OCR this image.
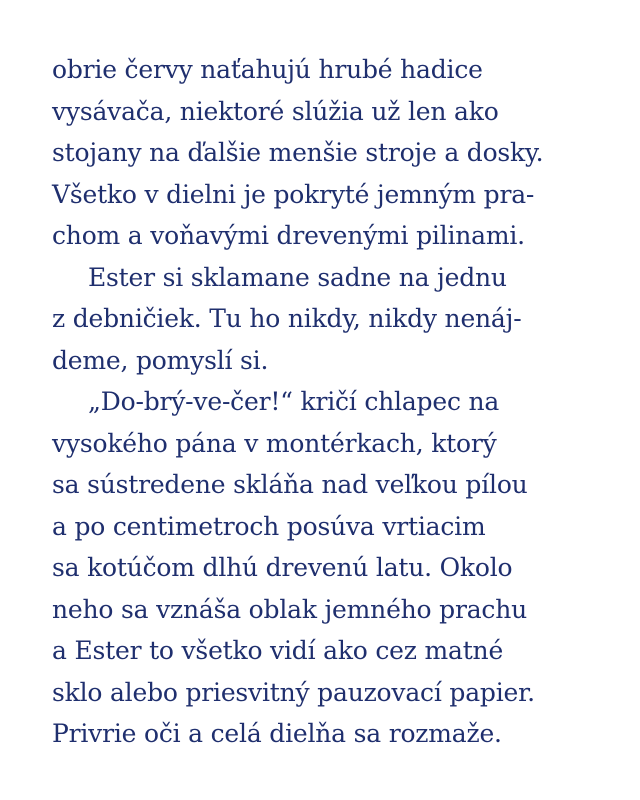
obrie červy naťahujú hrubé hadice
vysávača, niektoré slúžia už len ako
stojany na ďalšie menšie stroje a dosky.
Všetko v dielni je pokryté jemným pra-
chom a voňavými drevenými pilinami.
Ester si sklamane sadne na jednu
z debničiek. Tu ho nikdy, nikdy nenáj-
deme, pomyslí si.
„Do-brý-ve-čer!“ kričí chlapec na
vysokého pána v montérkach, ktorý
sa sústredene skláňa nad veľkou pílou
a po centimetroch posúva vrtiacim
sa kotúčom dlhú drevenú latu. Okolo
neho sa vznáša oblak jemného prachu
a Ester to všetko vidí ako cez matné
sklo alebo priesvitný pauzovací papier.
Privrie oči a celá dielňa sa rozmaže.
